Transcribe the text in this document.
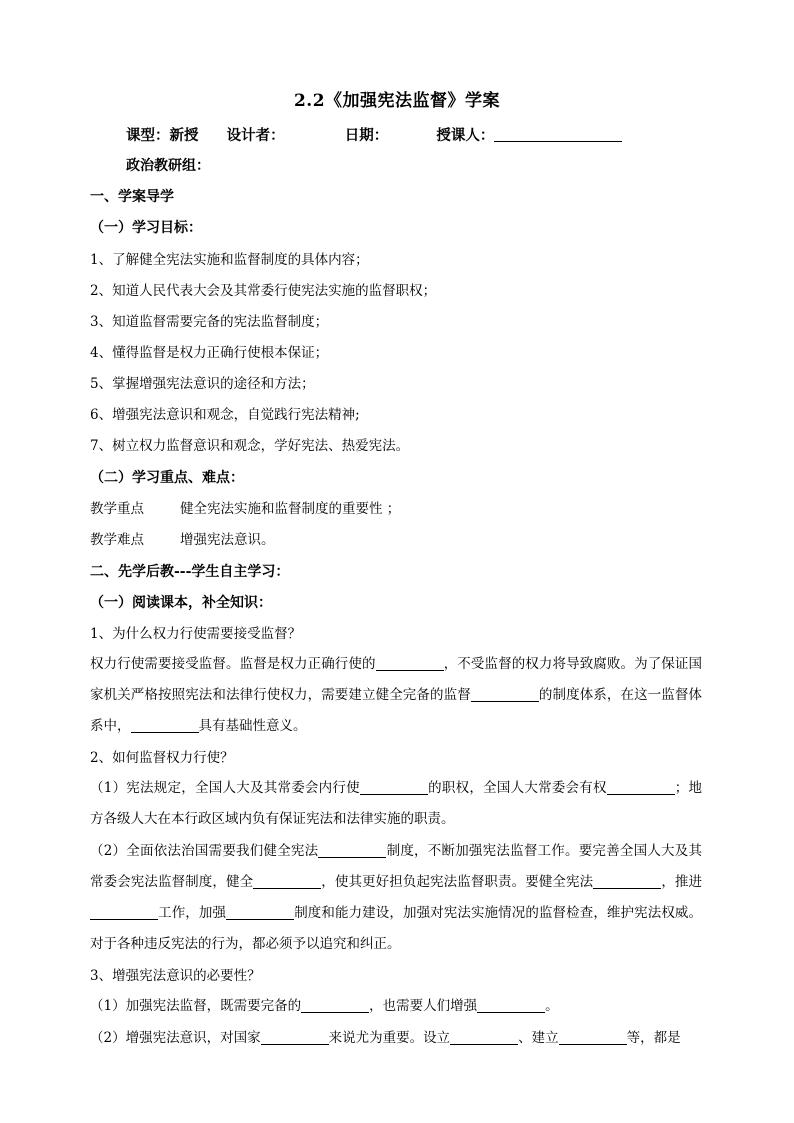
2.2《加强宪法监督》学案
课型：新授 设计者：	日期：	授课人：
政治教研组：
一、学案导学
（一）学习目标：
1、了解健全宪法实施和监督制度的具体内容；
2、知道人民代表大会及其常委行使宪法实施的监督职权；
3、知道监督需要完备的宪法监督制度；
4、懂得监督是权力正确行使根本保证；
5、掌握增强宪法意识的途径和方法；
6、增强宪法意识和观念，自觉践行宪法精神;
7、树立权力监督意识和观念，学好宪法、热爱宪法。
（二）学习重点、难点：
教学重点	健全宪法实施和监督制度的重要性 ；
教学难点	增强宪法意识。
二、先学后教---学生自主学习：
（一）阅读课本，补全知识：
1、为什么权力行使需要接受监督？
权力行使需要接受监督。监督是权力正确行使的	，不受监督的权力将导致腐败。为了保证国家机关严格按照宪法和法律行使权力，需要建立健全完备的监督	的制度体系，在这一监督体系中，	具有基础性意义。
2、如何监督权力行使？
（1）宪法规定，全国人大及其常委会内行使	的职权，全国人大常委会有权	；地方各级人大在本行政区域内负有保证宪法和法律实施的职责。
（2）全面依法治国需要我们健全宪法	制度，不断加强宪法监督工作。要完善全国人大及其常委会宪法监督制度，健全	，使其更好担负起宪法监督职责。要健全宪法	，推进工作，加强	制度和能力建设，加强对宪法实施情况的监督检查，维护宪法权威。对于各种违反宪法的行为，都必须予以追究和纠正。
3、增强宪法意识的必要性？
（1）加强宪法监督，既需要完备的	，也需要人们增强	。
（2）增强宪法意识，对国家	来说尤为重要。设立	、建立	等，都是
